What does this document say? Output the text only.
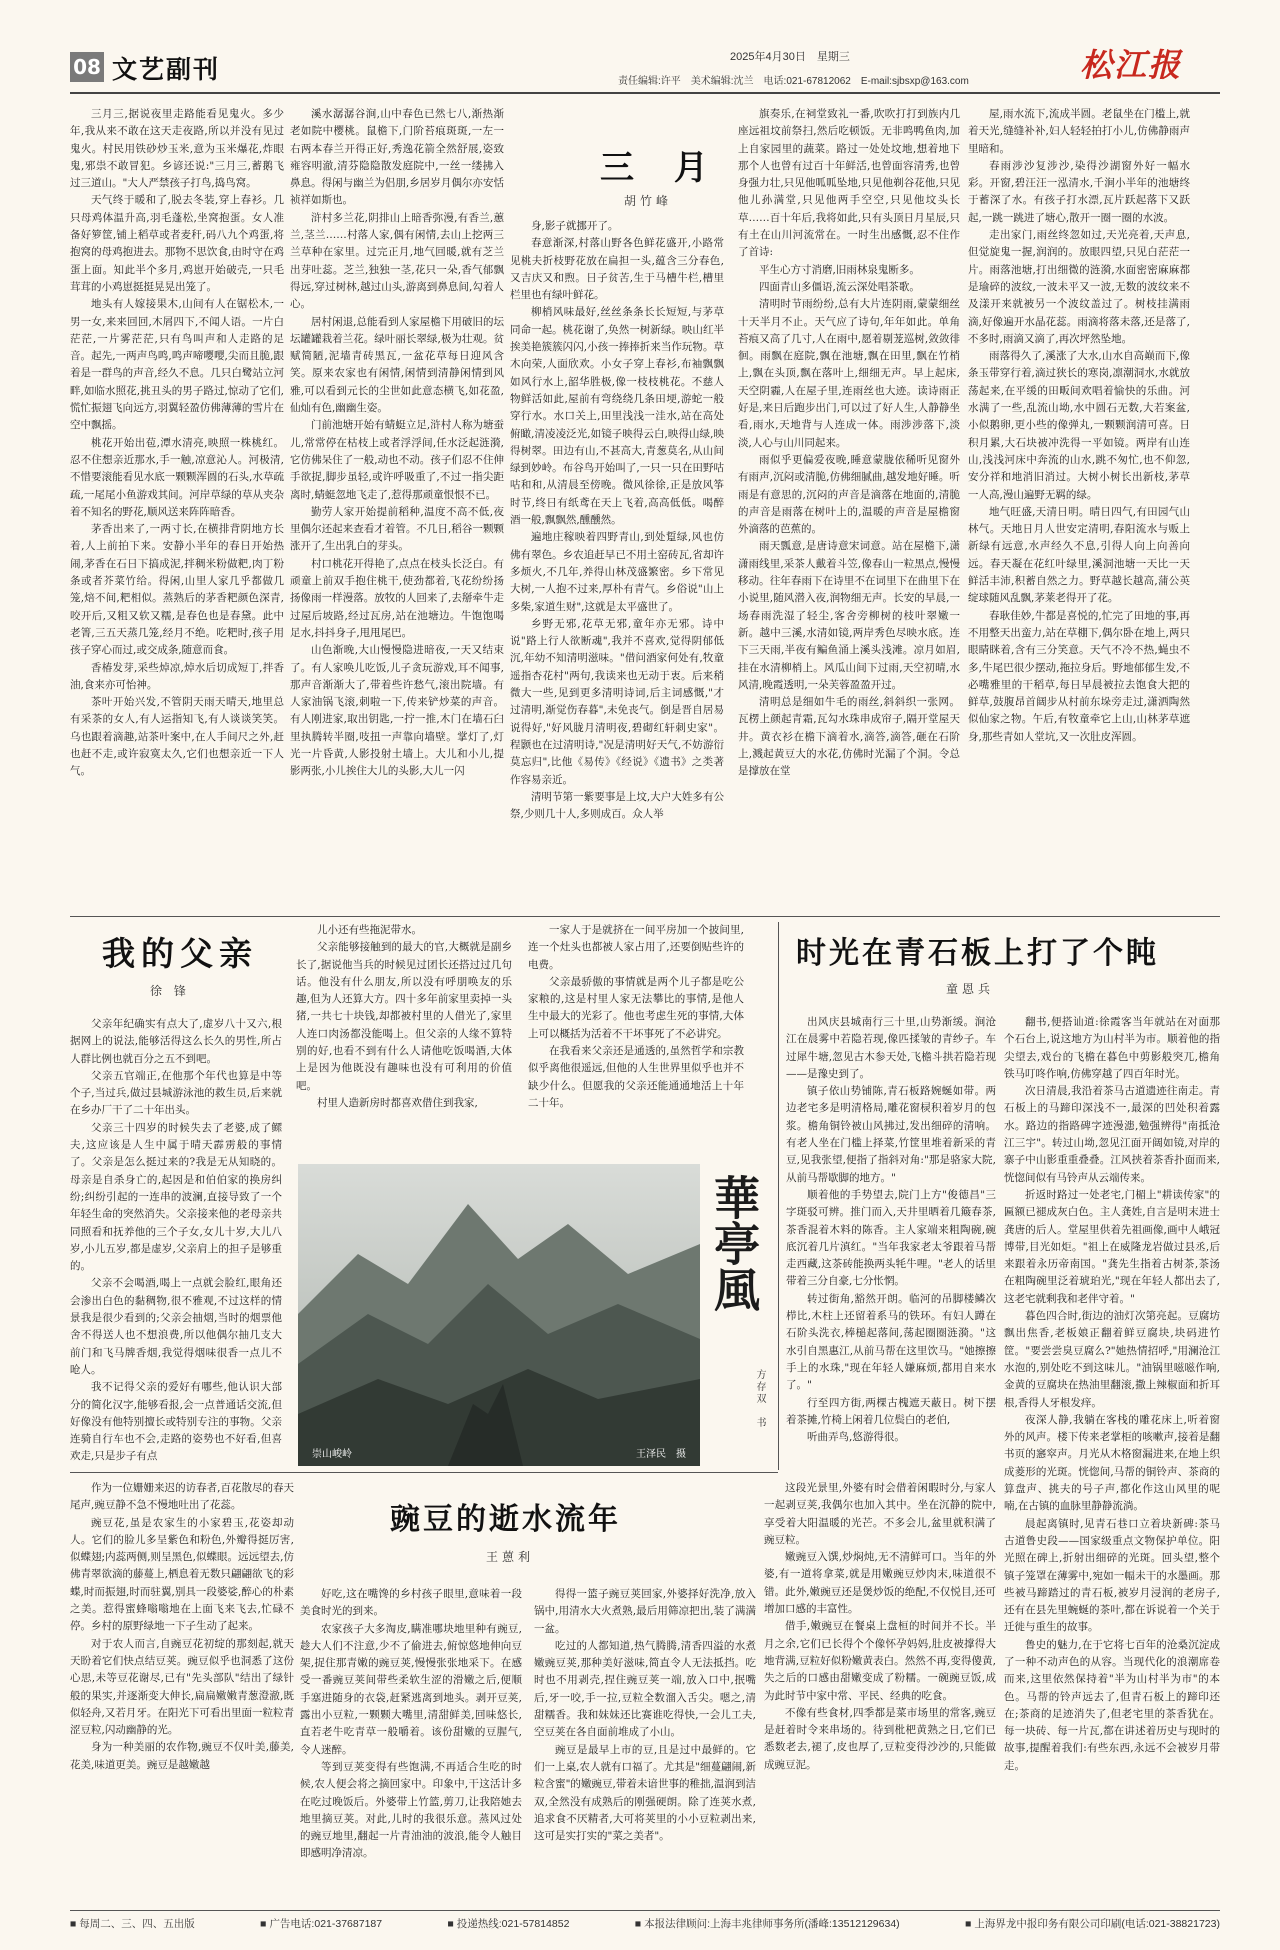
08 文艺副刊	2025年4月30日　 星期三
责任编辑:许平　美术编辑:沈兰　电话:021-67812062　E-mail:sjbsxp@163.com	松江报
三 月
胡竹峰

三月三,据说夜里走路能看见鬼火。多少年,我从来不敢在这天走夜路,所以并没有见过鬼火。村民用铁砂炒玉米,意为玉米爆花,炸眼鬼,邪祟不敢冒犯。乡谚还说:"三月三,蓄鹅飞过三道山。"大人严禁孩子打鸟,捣鸟窝。

天气终于暖和了,脱去冬装,穿上春衫。几只母鸡体温升高,羽毛蓬松,坐窝抱蛋。女人准备好箩筐,铺上稻草或者麦秆,码八九个鸡蛋,将抱窝的母鸡抱进去。那物不思饮食,由时守在鸡蛋上面。知此半个多月,鸡崽开始破壳,一只毛茸茸的小鸡崽挺挺晃晃出笼了。

地头有人嫁接果木,山间有人在锯松木,一男一女,来来回回,木屑四下,不闻人语。一片白茫茫,一片雾茫茫,只有鸟叫声和人走路的足音。起先,一两声鸟鸣,鸣声啼嘤嘤,尖而且脆,跟着是一群鸟的声音,经久不息。几只白鹭站立河畔,如临水照花,挑丑头的男子路过,惊动了它们,慌忙振翅飞向远方,羽翼轻盈仿佛薄薄的雪片在空中飘摇。

桃花开始出苞,潭水清亮,映照一株桃红。忍不住想亲近那水,手一触,凉意沁人。河极清,不惜要滚能看见水底一颗颗浑圆的石头,水草疏疏,一尾尾小鱼游戏其间。河岸草绿的草从夹杂着不知名的野花,顺风送来阵阵暗香。

茅香出来了,一两寸长,在横排背阴地方长着,人上前拍下来。安静小半年的春日开始热闹,茅香在石日下搞成泥,拌稠米粉做粑,肉丁粉条或者芥菜竹给。得闲,山里人家几乎都做几笼,焙不间,粑相似。蒸熟后的茅香粑颜色深青,咬开后,又粗又软又糯,是春色也是春黛。此中老箐,三五天蒸几笼,经月不绝。吃粑时,孩子用孩子穿心而过,或交成条,随意而食。

香椿发芽,采些焯凉,焯水后切成短丁,拌香油,食来亦可怡神。

茶叶开始兴发,不管阴天雨天晴天,地里总有采茶的女人,有人运指知飞,有人谈谈笑笑。乌也跟着滴趣,站茶叶案中,在人手间尺之外,赶也赶不走,或许寂寞太久,它们也想亲近一下人气。

溪水潺潺谷涧,山中春色已然七八,渐热渐老如院中樱桃。鼠檐下,门阶苔痕斑斑,一左一右两本春兰开得正好,秀逸花箭全然舒展,姿致雍容明澈,清芬隐隐散发庭院中,一丝一缕拂入鼻息。得闲与幽兰为侣朋,乡居岁月偶尔亦安恬祯祥如斯也。

浒村多兰花,阴排山上暗香弥漫,有香兰,蕙兰,茎兰……村落人家,偶有闲情,去山上挖两三兰草种在家里。过完正月,地气回暖,就有芝兰出芽吐蕊。芝兰,独独一茎,花只一朵,香气郁飘得远,穿过树林,越过山头,游离到鼻息间,勾着人心。

居村闲退,总能看到人家屋檐下用破旧的坛坛罐罐栽着兰花。绿叶丽长翠绿,极为壮观。贫赋简陋,泥墙青砖黑瓦,一盆花草每日迎风含笑。原来农家也有闲情,闲情到清静闲情到风雅,可以看到元长的尘世如此意态横飞,如花盈,仙灿有色,幽幽生姿。

门前池塘开始有蜻蜓立足,浒村人称为塘蚕儿,常常停在枯枝上或者浮浮间,任水泛起涟漪,它仿佛呆住了一般,动也不动。孩子们忍不住伸手欲捉,脚步虽轻,或许呼吸重了,不过一指尖距离时,蜻蜓忽地飞走了,惹得那顽童恨恨不已。

勤劳人家开始提前稻种,温度不高不低,夜里偶尔还起来查看才着管。不几日,稻谷一颗颗涨开了,生出乳白的芽头。

村口桃花开得艳了,点点在枝头长泛白。有顽童上前双手抱住桃干,使劲都着,飞花纷纷扬扬像雨一样漫落。放牧的人回来了,去掰牵牛走过屋后坡路,经过瓦房,站在池塘边。牛饱饱喝足水,抖抖身子,甩甩尾巴。

山色渐晚,大山慢慢隐进暗夜,一天又结束了。有人家唤儿吃饭,儿子贪玩游戏,耳不闻事,那声音渐渐大了,带着些许愁气,滚出院墙。有人家油锅飞滚,刺啦一下,传来铲炒菜的声音。有人刚进家,取出钥匙,一拧一推,木门在墙石臼里执腾转半圈,吱扭一声靠向墙壁。掌灯了,灯光一片昏黄,人影投射土墙上。大儿和小儿,提影两张,小儿挨住大儿的头影,大儿一闪

身,影子就挪开了。

春意渐深,村落山野各色鲜花盛开,小路常见桃夫折枝野花放在扁担一头,蕴含三分春色,又吉庆又和煦。日子贫苦,生于马槽牛栏,槽里栏里也有绿叶鲜花。

柳梢风味最好,丝丝条条长长短短,与茅草同命一起。桃花谢了,奂然一树新绿。映山红半挨美艳簇簇闪闪,小孩一捧捧折来当作玩物。草木向荣,人面欣欢。小女子穿上春衫,布袖飘飘如风行水上,韶华胜极,像一枝枝桃花。不慈人物鲜活如此,屋前有弯绕绕几条田埂,游蛇一般穿行水。水口关上,田里浅浅一洼水,站在高处俯瞰,清凌凌泛光,如镜子映得云白,映得山绿,映得树翠。田边有山,不甚高大,青葱莫名,从山间绿到妙岭。布谷鸟开始叫了,一只一只在田野咕咕和和,从清晨至傍晚。微风徐徐,正是放风筝时节,终日有纸鸢在天上飞着,高高低低。喝醉酒一般,飘飘然,醺醺然。

遍地庄稼映着四野青山,到处踅绿,风也仿佛有翠色。乡农追赶早已不用土窑砖瓦,省却许多烦火,不几年,养得山林茂盛繁密。乡下常见大树,一人抱不过来,厚朴有青气。乡俗说"山上多柴,家道生财",这就是太平盛世了。

乡野无邪,花草无邪,童年亦无邪。诗中说"路上行人欲断魂",我并不喜欢,觉得阴郁低沉,年幼不知清明滋味。"借问酒家何处有,牧童遥指杏花村"两句,我读来也无动于衷。后来稍微大一些,见到更多清明诗词,后主词感慨,"才过清明,渐觉伤春暮",未免丧气。倒是晋自居易说得好,"好风胧月清明夜,碧砌红轩刺史家"。程颢也在过清明诗,"况是清明好天气,不妨游衍莫忘归",比他《易传》《经说》《遗书》之类著作容易亲近。

清明节第一紫要事是上坟,大户大姓多有公祭,少则几十人,多则成百。众人举

旗奏乐,在祠堂致礼一番,吹吹打打到族内几座远祖坟前祭扫,然后吃顿饭。无非鸣鸭鱼肉,加上自家园里的蔬菜。路过一处处坟地,想着地下那个人也曾有过百十年鲜活,也曾面容清秀,也曾身强力壮,只见他呱呱坠地,只见他剃谷花他,只见他儿孙满堂,只见他两手空空,只见他坟头长草……百十年后,我将如此,只有头顶日月星辰,只有土在山川河流常在。一时生出感慨,忍不住作了首诗:

平生心方寸消磨,旧雨林泉鬼断多。

四面青山多僵语,流云深处唱茶歌。

清明时节雨纷纷,总有大片连阴雨,蒙蒙细丝十天半月不止。天气应了诗句,年年如此。单角苔痕又高了几寸,人在雨中,愿着剔茏巡树,敛敛徘徊。雨飘在庭院,飘在池塘,飘在田里,飘在竹梢上,飘在头顶,飘在落叶上,细细无声。早上起床,天空阴霾,人在屋子里,连雨丝也大迹。读诗雨正好是,来日后跑步出门,可以过了好人生,人静静坐看,雨水,天地背与人连成一体。雨涉涉落下,淡淡,人心与山川同起来。

雨似乎更偏爱夜晚,睡意蒙胧依稀听见窗外有雨声,沉闷或清脆,仿佛细腻曲,越发地好睡。听雨是有意思的,沉闷的声音是滴落在地面的,清脆的声音是雨落在树叶上的,温暖的声音是屋檐窗外滴落的芭蕉的。

雨天瓢意,是唐诗意宋词意。站在屋檐下,潇潇雨线里,采茶人戴着斗笠,像春山一粒黑点,慢慢移动。往年春雨下在诗里不在词里下在曲里下在小说里,随风潜入夜,润物细无声。长安的早晨,一场春雨洗湿了轻尘,客舍旁柳树的枝叶翠嫩一新。越中三溪,水清如镜,两岸秀色尽映水底。连下三天雨,半夜有鳊鱼涌上溪头浅滩。凉月如眉,挂在水清柳梢上。风瓜山间下过雨,天空初晴,水风清,晚霞透明,一朵芙蓉盈盈开过。

清明总是细如牛毛的雨丝,斜斜织一张网。瓦楞上颜起青霜,瓦勾水珠串成帘子,隔开堂屋天井。黄衣衫在檐下滴着水,滴答,滴答,砸在石阶上,溅起黄豆大的水花,仿佛时光漏了个洞。令总是撑放在堂

屋,雨水流下,流成半圆。老鼠坐在门槛上,就着天光,缝缝补补,妇人轻轻拍打小儿,仿佛静雨声里暗和。

春雨涉沙复涉沙,染得沙湖窗外好一幅水彩。开窗,碧汪汪一泓清水,千涧小半年的池塘终于蓄深了水。有孩子打水漂,瓦片跃起落下又跃起,一跳一跳进了塘心,散开一圈一圈的水波。

走出家门,雨丝终忽如过,天光亮着,天声息,但觉旋鬼一握,润润的。放眼四望,只见白茫茫一片。雨落池塘,打出细微的涟漪,水面密密麻麻都是瑜碎的波纹,一波未平又一波,无数的波纹来不及漾开来就被另一个波纹盖过了。树枝挂满雨滴,好像遍开水晶花蕊。雨滴将落未落,还是落了,不多时,雨滴又滴了,再次坪然坠地。

雨落得久了,溪涨了大水,山水自高巅而下,像条玉带穿行着,滴过狭长的寒岗,凛潮洞水,水就放荡起来,在平缓的田畈间欢唱着愉快的乐曲。河水满了一些,乱流山坳,水中圆石无数,大若案盆,小似鹅卵,更小些的像弹丸,一颗颗润清可喜。日积月累,大石块被冲洗得一平如镜。两岸有山连山,浅浅河床中奔流的山水,跳不匆忙,也不仰忽,安分祥和地消旧消过。大树小树长出新枝,茅草一人高,漫山遍野无羁的绿。

地气旺盛,天清日明。晴日四气,有田园气山林气。天地日月人世安定清明,春阳流水与贩上新绿有远意,水声经久不息,引得人向上向善向远。春天凝在花红叶绿里,溪洞池塘一天比一天鲜活丰沛,积蓄自然之力。野草越长越高,蒲公英绽球随风乱飘,茅莱老得开了花。

春耿佳妙,牛都是喜悦的,忙完了田地的事,再不用整天出蛮力,站在草棚下,偶尔卧在地上,两只眼睛眯着,含有三分笑意。天气不冷不热,蝇虫不多,牛尾巴很少摆动,拖拉身后。野地郁郁生发,不必嘴雅里的干稻草,每日早晨被拉去饱食大把的鲜草,鼓腹昂首阔步从村前东垛旁走过,潇洒陶然似仙家之物。午后,有牧童牵它上山,山林茅草遮身,那些青如人堂坑,又一次肚皮浑圆。

我的父亲
徐 锋

父亲年纪确实有点大了,虚岁八十又六,根据网上的说法,能够活得这么长久的男性,所占人群比例也就百分之五不到吧。

父亲五官端正,在他那个年代也算是中等个子,当过兵,做过县城游泳池的救生员,后来就在乡办厂干了二十年出头。

父亲三十四岁的时候失去了老婆,成了鳏夫,这应该是人生中属于晴天霹雳般的事情了。父亲是怎么挺过来的?我是无从知晓的。母亲是自杀身亡的,起因是和伯伯家的换房纠纷;纠纷引起的一连串的波澜,直接导致了一个年轻生命的突然消失。父亲接来他的老母亲共同照看和抚养他的三个子女,女儿十岁,大儿八岁,小儿五岁,都是虚岁,父亲肩上的担子是够重的。

父亲不会喝酒,喝上一点就会脸红,眼角还会渗出白色的黏稠物,很不雅观,不过这样的情景我是很少看到的;父亲会抽烟,当时的烟票他舍不得送人也不想浪费,所以他偶尔抽几支大前门和飞马牌香烟,我觉得烟味很香一点儿不呛人。

我不记得父亲的爱好有哪些,他认识大部分的简化汉字,能够看报,会一点普通话交流,但好像没有他特别擅长或特别专注的事物。父亲连骑自行车也不会,走路的姿势也不好看,但喜欢走,只是步子有点

儿小还有些拖泥带水。

父亲能够接触到的最大的官,大概就是副乡长了,据说他当兵的时候见过团长还搭过过几句话。他没有什么朋友,所以没有呼朋唤友的乐趣,但为人还算大方。四十多年前家里卖掉一头猪,一共七十块钱,却都被村里的人借光了,家里人连口肉汤都没能喝上。但父亲的人缘不算特别的好,也看不到有什么人请他吃饭喝酒,大体上是因为他既没有趣味也没有可利用的价值吧。

村里人造新房时都喜欢借住到我家,

一家人于是就挤在一间平房加一个披间里,连一个灶头也都被人家占用了,还要倒贴些许的电费。

父亲最骄傲的事情就是两个儿子都是吃公家粮的,这是村里人家无法攀比的事情,是他人生中最大的光彩了。他也考虑生死的事情,大体上可以概括为活着不干坏事死了不必讲究。

在我看来父亲还是通透的,虽然哲学和宗教似乎离他很遥远,但他的人生世界里似乎也并不缺少什么。但愿我的父亲还能通通地活上十年二十年。

崇山峻岭	王泽民　摄
華亭風
方存双　书
时光在青石板上打了个盹
童恩兵

出风庆县城南行三十里,山势渐缓。涧沧江在晨雾中若隐若现,像匹揉皱的青纱子。车过犀牛塘,忽见古木参天处,飞檐斗拱若隐若现——是豫史到了。

镇子依山势铺陈,青石板路婉蜒如带。两边老宅多是明清格局,雕花窗棂积着岁月的包浆。檐角铜铃被山风拂过,发出细碎的清响。有老人坐在门槛上择菜,竹筐里堆着新采的青豆,见我张望,便指了指斜对角:"那是骆家大院,从前马帮歇脚的地方。"

顺着他的手势望去,院门上方"俊德昌"三字斑驳可辨。推门而入,天井里晒着几簸春茶,茶香混着木料的陈香。主人家端来粗陶碗,碗底沉着几片滇红。"当年我家老太爷跟着马帮走西藏,这茶砖能换两头牦牛哩。"老人的话里带着三分自豪,七分怅惘。

转过街角,豁然开朗。临河的吊脚楼鳞次栉比,木柱上还留着系马的铁环。有妇人蹲在石阶头洗衣,棒槌起落间,荡起圈圈涟漪。"这水引自黑惠江,从前马帮在这里饮马。"她擦擦手上的水珠,"现在年轻人嫌麻烦,都用自来水了。"

行至四方街,两棵古槐遮天蔽日。树下摆着茶摊,竹椅上闲着几位鬓白的老伯,

听曲弄鸟,悠游得很。

翻书,便搭讪道:徐霞客当年就站在对面那个石台上,说这地方为山村半为市。顺着他的指尖望去,戏台的飞檐在暮色中剪影般突兀,檐角铁马叮咚作响,仿佛穿越了四百年时光。

次日清晨,我沿着茶马古道遗迹往南走。青石板上的马蹄印深浅不一,最深的凹处积着露水。路边的指路碑字迹漫漶,勉强辨得"南抵沧江三宇"。转过山坳,忽见江面开阔如镜,对岸的寨子中山影重重叠叠。江风挟着茶香扑面而来,恍惚间似有马铃声从云端传来。

折返时路过一处老宅,门楣上"耕读传家"的匾额已褪成灰白色。主人龚姓,自言是明末进士龚唐的后人。堂屋里供着先祖画像,画中人峨冠博带,目光如炬。"祖上在威隆龙岩做过县丞,后来跟着永历帝南国。"龚先生指着古树茶,茶汤在粗陶碗里泛着琥珀光,"现在年轻人都出去了,这老宅就剩我和老伴守着。"

暮色四合时,街边的油灯次第亮起。豆腐坊飘出焦香,老板娘正翻着鲜豆腐块,块码进竹筐。"要尝尝臭豆腐么?"她热情招呼,"用澜沧江水泡的,别处吃不到这味儿。"油锅里嗞嗞作响,金黄的豆腐块在热油里翻滚,撒上辣椒面和折耳根,香得人牙根发痒。

夜深人静,我躺在客栈的雕花床上,听着窗外的风声。楼下传来老掌柜的咳嗽声,接着是翻书页的窸窣声。月光从木格窗漏进来,在地上织成菱形的光斑。恍惚间,马帮的铜铃声、茶商的算盘声、挑夫的号子声,都化作这山风里的呢喃,在古镇的血脉里静静流淌。

晨起离镇时,见青石巷口立着块新碑:茶马古道鲁史段——国家级重点文物保护单位。阳光照在碑上,折射出细碎的光斑。回头望,整个镇子笼罩在薄雾中,宛如一幅未干的水墨画。那些被马蹄踏过的青石板,被岁月浸润的老房子,还有在县先里蜿蜒的茶叶,都在诉说着一个关于迁徙与重生的故事。

鲁史的魅力,在于它将七百年的沧桑沉淀成了一种不动声色的从容。当现代化的浪潮席卷而来,这里依然保持着"半为山村半为市"的本色。马帮的铃声远去了,但青石板上的蹄印还在;茶商的足迹消失了,但老宅里的茶香犹在。每一块砖、每一片瓦,都在讲述着历史与现时的故事,提醒着我们:有些东西,永远不会被岁月带走。

豌豆的逝水流年
王蒽利

作为一位姗姗来迟的访春者,百花散尽的春天尾声,豌豆静不急不慢地吐出了花蕊。

豌豆花,虽是农家生的小家碧玉,花姿却动人。它们的脸儿多呈紫色和粉色,外瓣得挺厉害,似蝶翅;内蕊两侧,则呈黑色,似蝶眼。远远望去,仿佛青翠欲滴的藤蔓上,栖息着无数只翩翩欲飞的彩蝶,时而振翅,时而驻翼,别具一段婆娑,醉心的朴素之美。惹得蜜蜂嗡嗡地在上面飞来飞去,忙碌不停。乡村的原野绿地一下子生动了起来。

对于农人而言,自豌豆花初绽的那刻起,就天天盼着它们快点结豆荚。豌豆似乎也洞悉了这份心思,未等豆花谢尽,已有"先头部队"结出了绿针般的果实,并逐渐变大伸长,扁扁嫩嫩青葱澄澈,既似轻舟,又若月牙。在阳光下可看出里面一粒粒青涩豆粒,闪动幽静的光。

身为一种美丽的农作物,豌豆不仅叶美,藤美,花美,味道更美。豌豆是越嫩越

好吃,这在嘴馋的乡村孩子眼里,意味着一段美食时光的到来。

农家孩子大多淘皮,瞒准哪块地里种有豌豆,趁大人们不注意,少不了偷进去,俯惊悠地伸向豆架,捉住那青嫩的豌豆荚,慢慢张张地采下。在感受一番豌豆荚间带些柔软生涩的滑嫩之后,便顺手塞进随身的衣袋,赶紧逃离到地头。剥开豆荚,露出小豆粒,一颗颗大嘴里,清甜鲜美,回味悠长,直若老牛吃青草一般嚼着。该份甜嫩的豆腥气,令人迷醉。

等到豆荚变得有些饱满,不再适合生吃的时候,农人便会将之摘回家中。印象中,干这活计多在吃过晚饭后。外婆带上竹篮,剪刀,让我陪她去地里摘豆荚。对此,儿时的我很乐意。蒸风过处的豌豆地里,翻起一片青油油的波浪,能令人触目即感明净清凉。

得得一篮子豌豆荚回家,外婆择好洗净,放入锅中,用清水大火煮熟,最后用筛凉把出,装了满满一盆。

吃过的人都知道,热气腾腾,清香四溢的水煮嫩豌豆荚,那种美好滋味,简直令人无法抵挡。吃时也不用剥壳,捏住豌豆荚一端,放入口中,抿嘴后,牙一咬,手一拉,豆粒全数溜入舌尖。嗯之,清甜糯香。我和妹妹还比赛谁吃得快,一会儿工夫,空豆荚在各自面前堆成了小山。

豌豆是最早上市的豆,且是过中最鲜的。它们一上桌,农人就有口福了。尤其是"细蔓翩闹,新粒含蜜"的嫩豌豆,带着未谙世事的稚拙,温润到洁双,全然没有成熟后的刚强硬朗。除了连荚水煮,追求食不厌精者,大可将荚里的小小豆粒剥出来,这可是实打实的"菜之美者"。

这段光景里,外婆有时会借着闲暇时分,与家人一起剥豆荚,我偶尔也加入其中。坐在沉静的院中,享受着大阳温暖的光芒。不多会儿,盆里就积满了豌豆粒。

嫩豌豆入馔,炒焖炖,无不清鲜可口。当年的外婆,有一道将拿菜,就是用嫩豌豆炒肉末,味道很不错。此外,嫩豌豆还是煲炒饭的绝配,不仅悦目,还可增加口感的丰富性。

借手,嫩豌豆在餐桌上盘桓的时间并不长。半月之余,它们已长得个个像怀孕妈妈,肚皮被撑得大地背满,豆粒好似粉嫩黄表白。然然不再,变得傻黄,失之后的口感由甜嫩变成了粉糯。一碗豌豆饭,成为此时节中家中常、平民、经典的吃食。

不像有些食材,四季都是菜市场里的常客,豌豆是赶着时令来串场的。待到枇杷黄熟之日,它们已悉数老去,褪了,皮也厚了,豆粒变得沙沙的,只能做成豌豆泥。

■ 每周二、三、四、五出版	■ 广告电话:021-37687187	■ 投递热线:021-57814852	■ 本报法律顾问:上海丰兆律师事务所(潘峰:13512129634)	■ 上海界龙中报印务有限公司印刷(电话:021-38821723)
